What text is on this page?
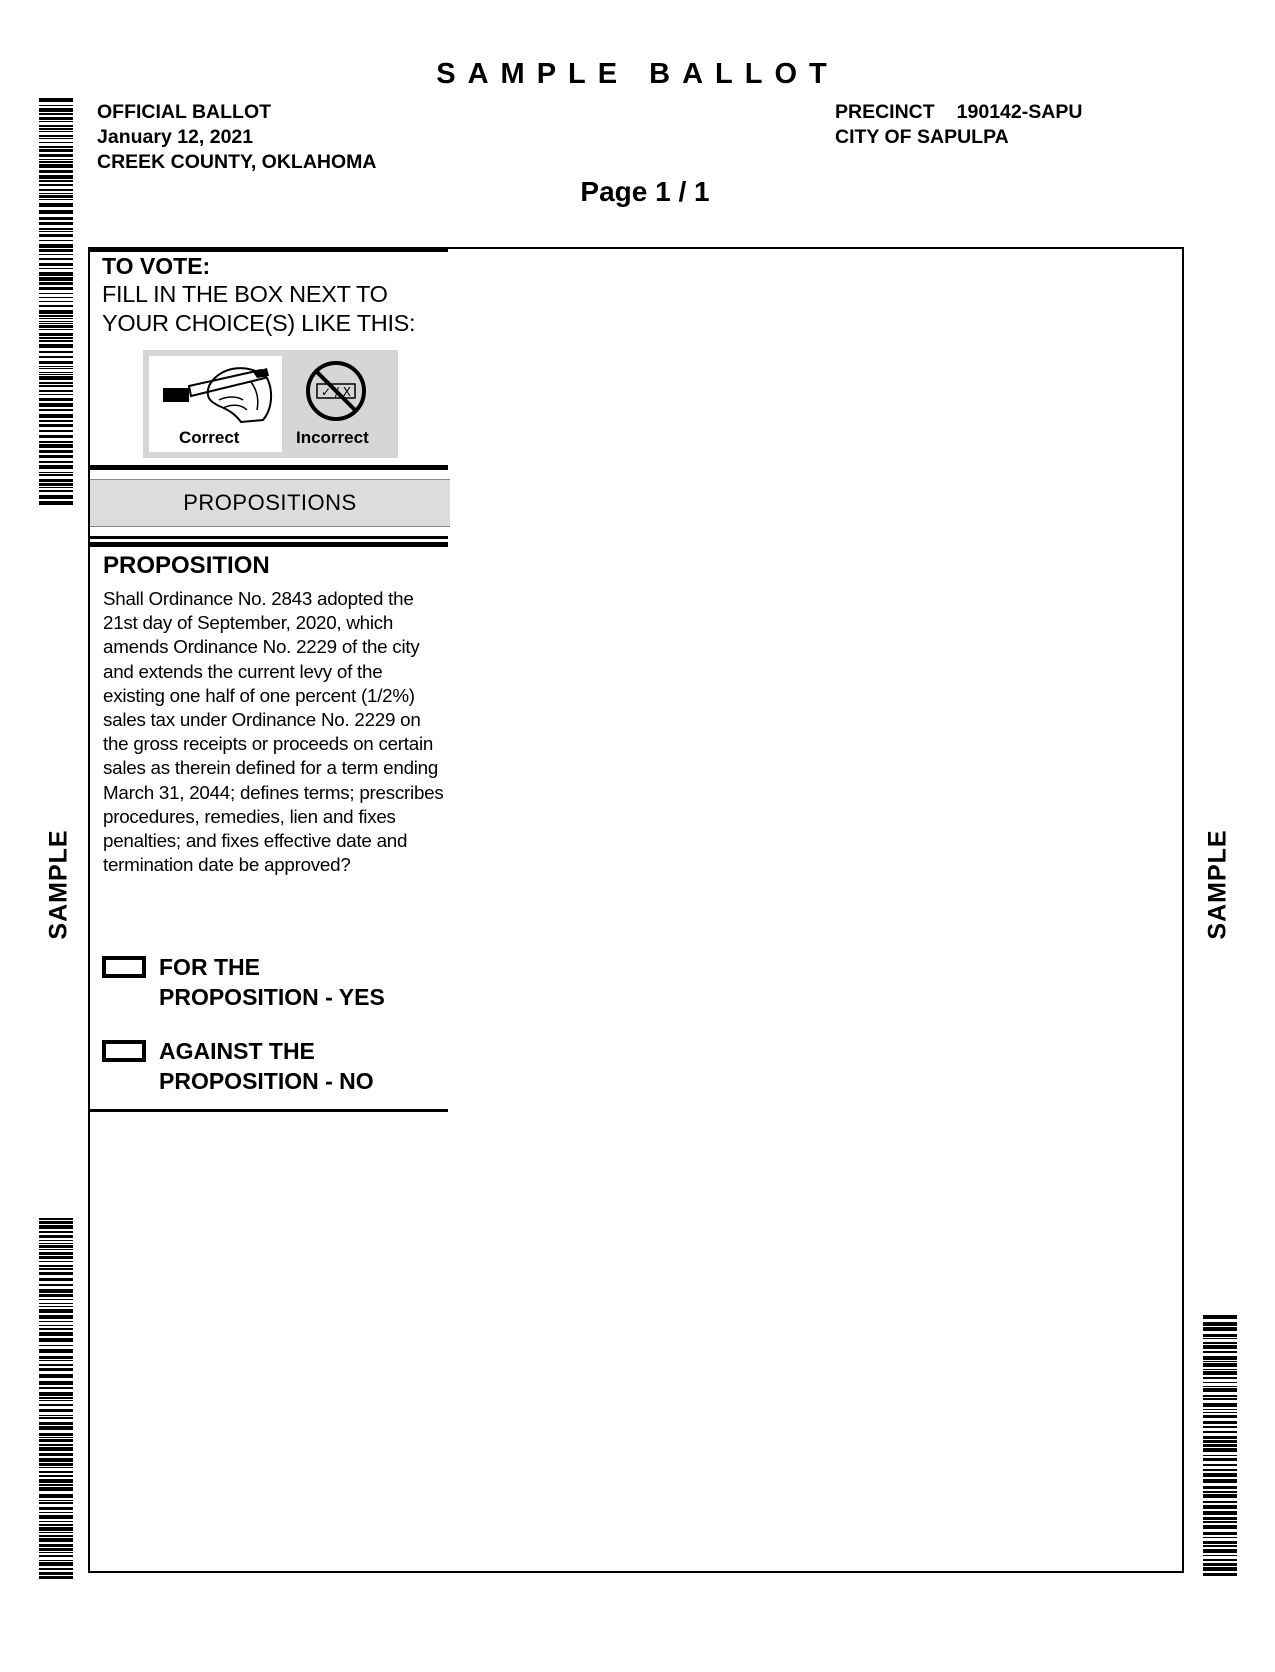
SAMPLE BALLOT
OFFICIAL BALLOT
January 12, 2021
CREEK COUNTY, OKLAHOMA
PRECINCT 190142-SAPU
CITY OF SAPULPA
Page 1 / 1
SAMPLE	SAMPLE
TO VOTE:
FILL IN THE BOX NEXT TO
YOUR CHOICE(S) LIKE THIS:
Correct
✓ / X
Incorrect
PROPOSITIONS
PROPOSITION
Shall Ordinance No. 2843 adopted the 21st day of September, 2020, which amends Ordinance No. 2229 of the city and extends the current levy of the existing one half of one percent (1/2%) sales tax under Ordinance No. 2229 on the gross receipts or proceeds on certain sales as therein defined for a term ending March 31, 2044; defines terms; prescribes procedures, remedies, lien and fixes penalties; and fixes effective date and termination date be approved?
FOR THE
PROPOSITION - YES
AGAINST THE
PROPOSITION - NO
